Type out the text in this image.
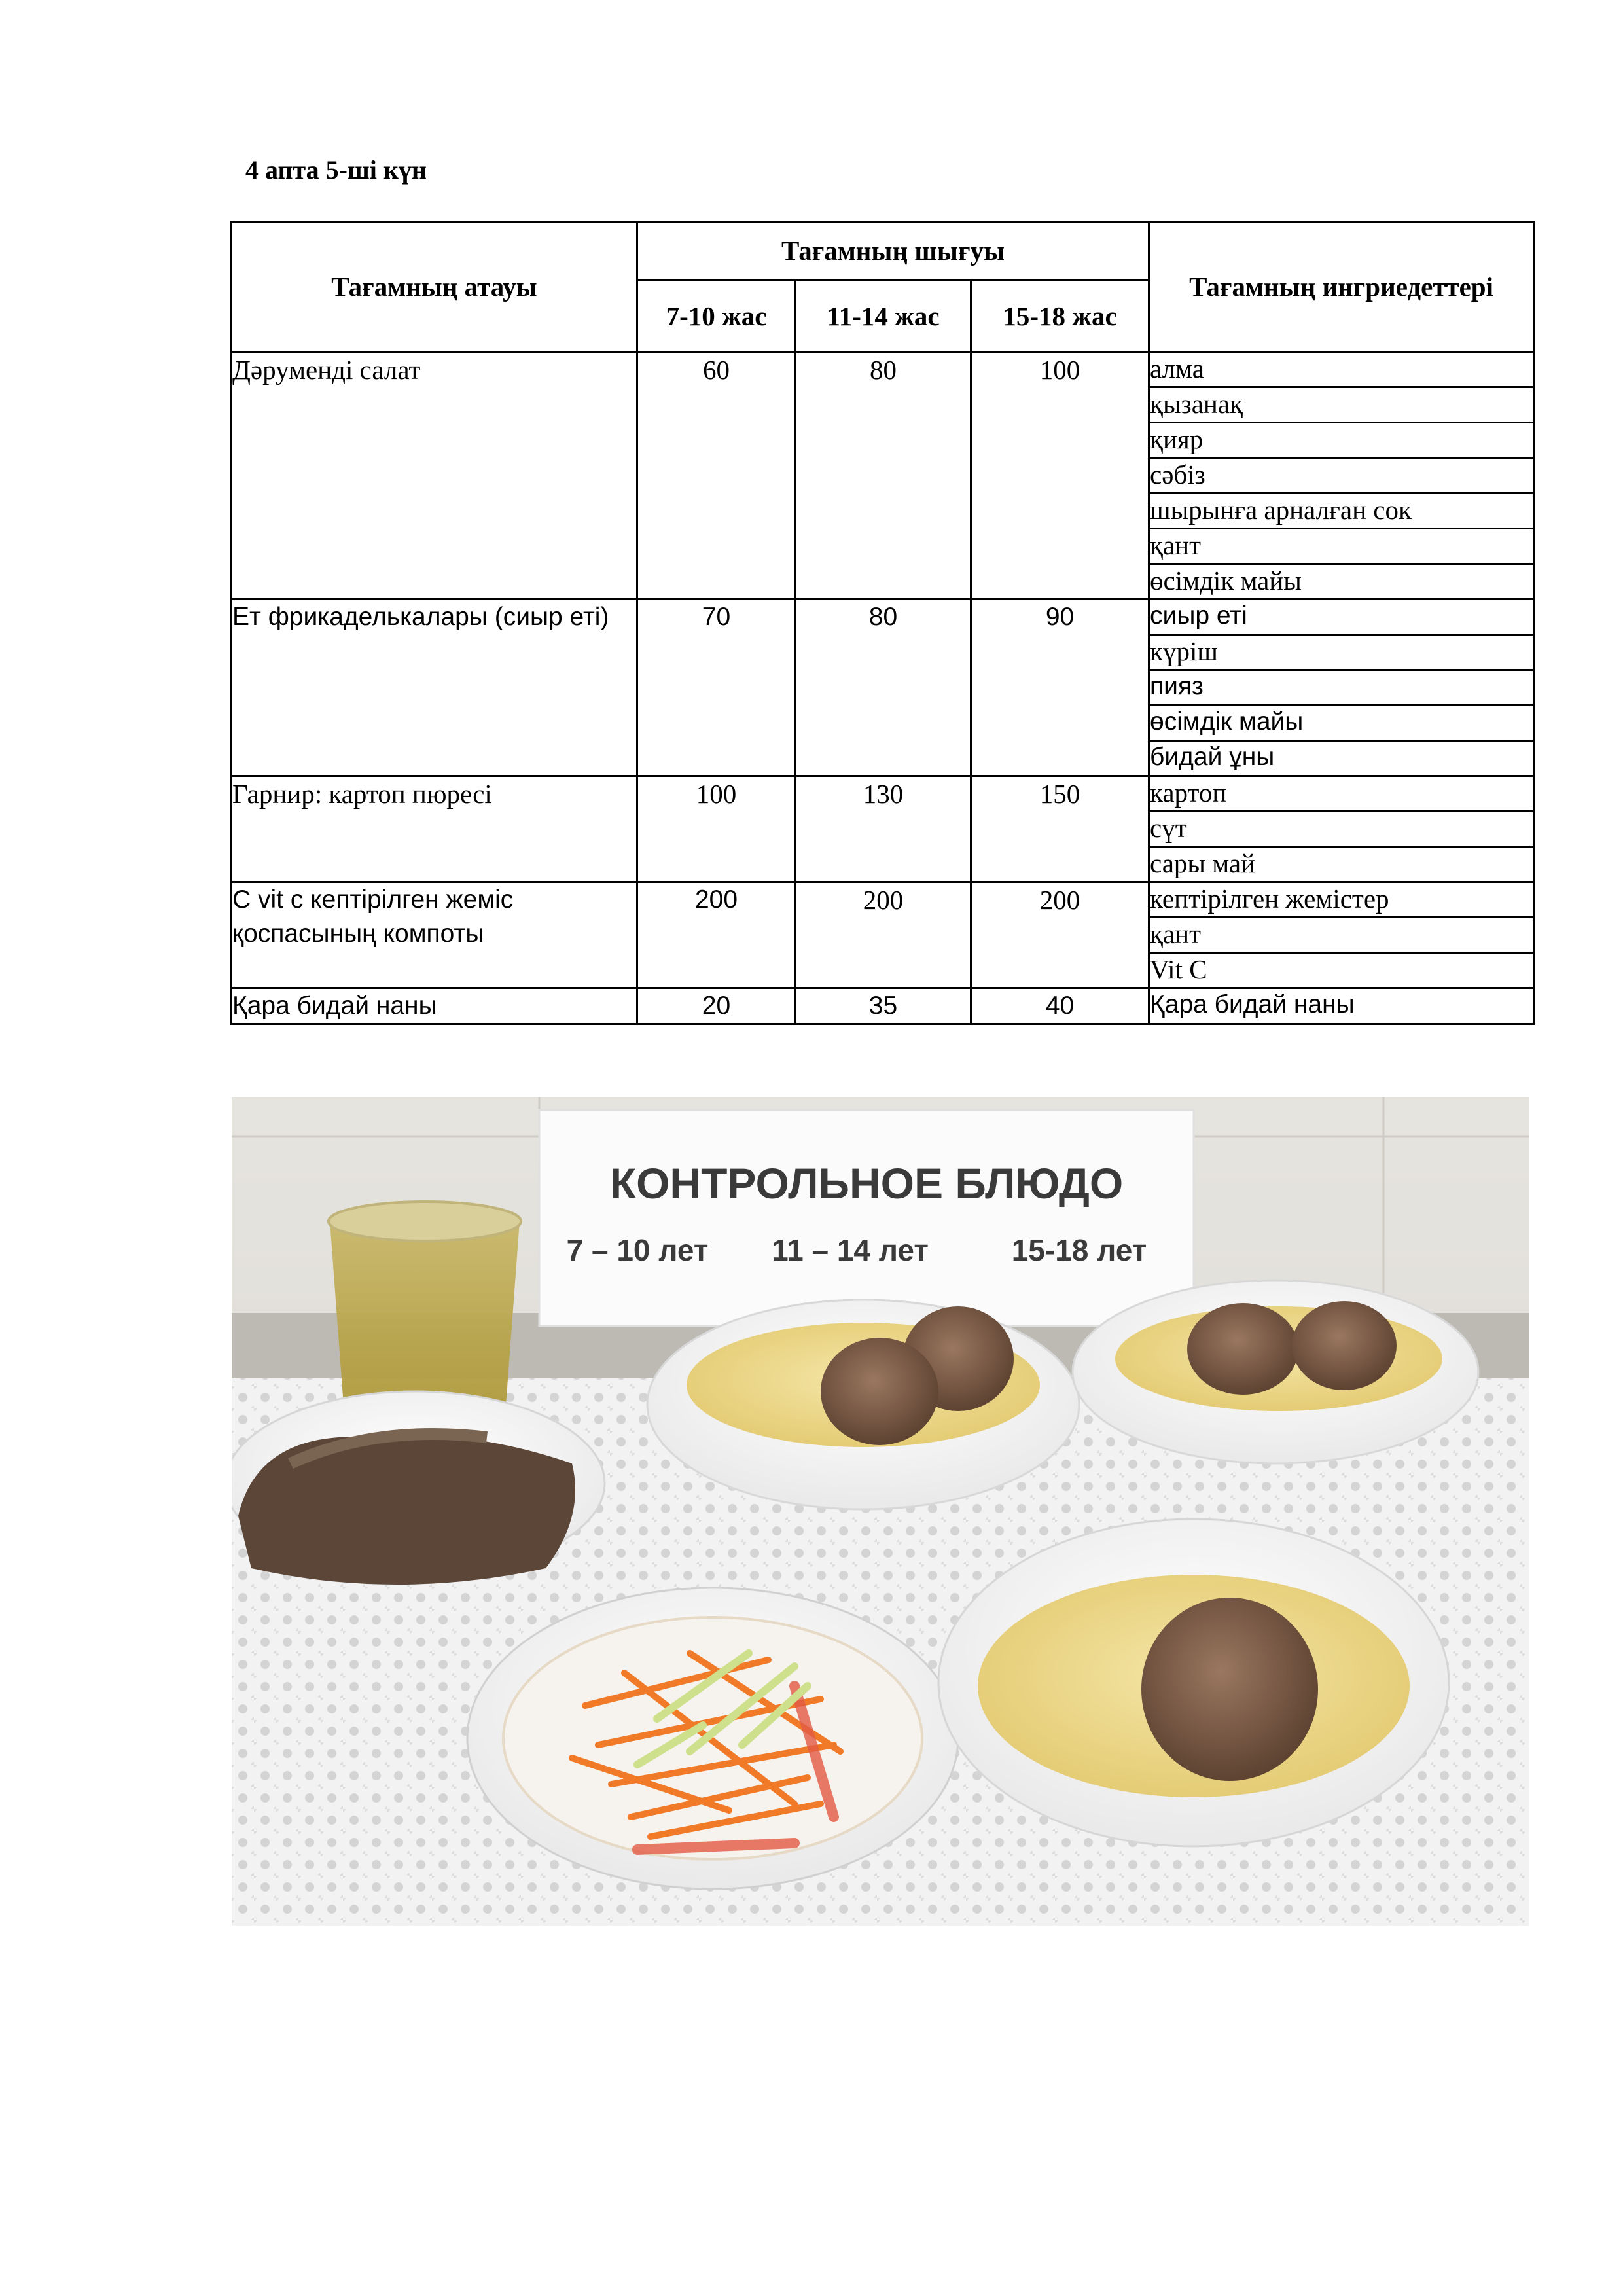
4 апта 5-ші күн
Тағамның атауы	Тағамның шығуы			Тағамның ингриедеттері
	7-10 жас	11-14 жас	15-18 жас	
Дәруменді салат	60	80	100	алма
				қызанақ
				қияр
				сәбіз
				шырынға арналған сок
				қант
				өсімдік майы
Ет фрикаделькалары (сиыр еті)	70	80	90	сиыр еті
				күріш
				пияз
				өсімдік майы
				бидай ұны
Гарнир: картоп пюресі	100	130	150	картоп
				сүт
				сары май
С vit с кептірілген жеміс қоспасының компоты	200	200	200	кептірілген жемістер
				қант
				Vit C
Қара бидай наны	20	35	40	Қара бидай наны
КОНТРОЛЬНОЕ БЛЮДО
7 – 10 лет 11 – 14 лет	15-18 лет
